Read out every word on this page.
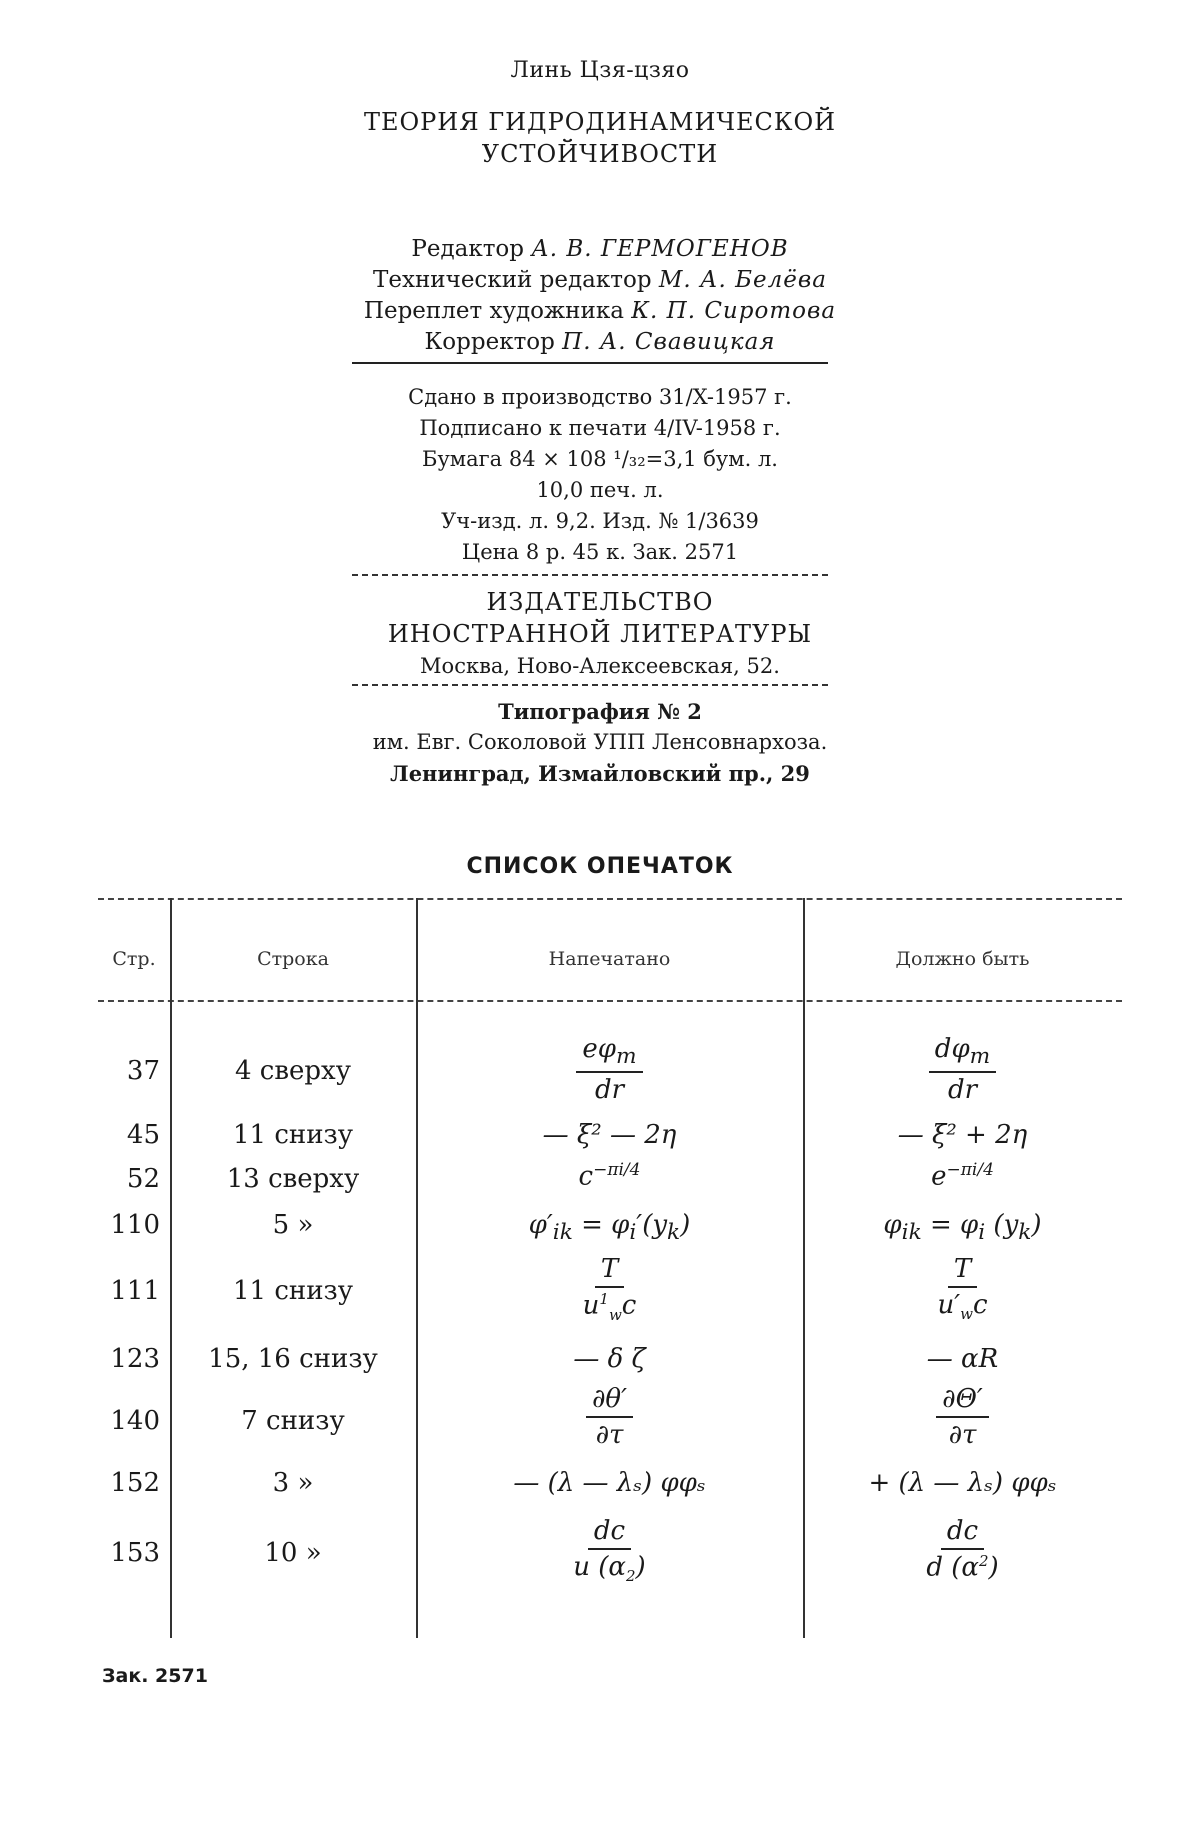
Линь Цзя-цзяо
ТЕОРИЯ ГИДРОДИНАМИЧЕСКОЙ
УСТОЙЧИВОСТИ
Редактор А. В. ГЕРМОГЕНОВ
Технический редактор М. А. Белёва
Переплет художника К. П. Сиротова
Корректор П. А. Свавицкая
Сдано в производство 31/X-1957 г.
Подписано к печати 4/IV-1958 г.
Бумага 84 × 108 ¹/₃₂=3,1 бум. л.
10,0 печ. л.
Уч-изд. л. 9,2. Изд. № 1/3639
Цена 8 р. 45 к. Зак. 2571
ИЗДАТЕЛЬСТВО
ИНОСТРАННОЙ ЛИТЕРАТУРЫ
Москва, Ново-Алексеевская, 52.
Типография № 2
им. Евг. Соколовой УПП Ленсовнархоза.
Ленинград, Измайловский пр., 29
СПИСОК ОПЕЧАТОК
Стр.	Строка	Напечатано	Должно быть
37	4 сверху	$\frac{e\varphi_m}{dr}$	$\frac{d\varphi_m}{dr}$
45	11 снизу	— ξ² — 2η	— ξ² + 2η
52	13 сверху	$c^{-\pi i/4}$	$e^{-\pi i/4}$
110	5 »	$\varphi'_{ik} = \varphi_i'(y_k)$	$\varphi_{ik} = \varphi_i$ $(y_k)$
111	11 снизу	$\frac{T}{u^1_wc}$	$\frac{T}{u'_wc}$
123	15, 16 снизу	— δ ζ	— αR
140	7 снизу	$\frac{\partial\theta'}{\partial\tau}$	$\frac{\partial\Theta'}{\partial\tau}$
152	3 »	— (λ — λₛ) φφₛ	+ (λ — λₛ) φφₛ
153	10 »	$\frac{dc}{u (\alpha_2)}$	$\frac{dc}{d (\alpha^2)}$
Зак. 2571
